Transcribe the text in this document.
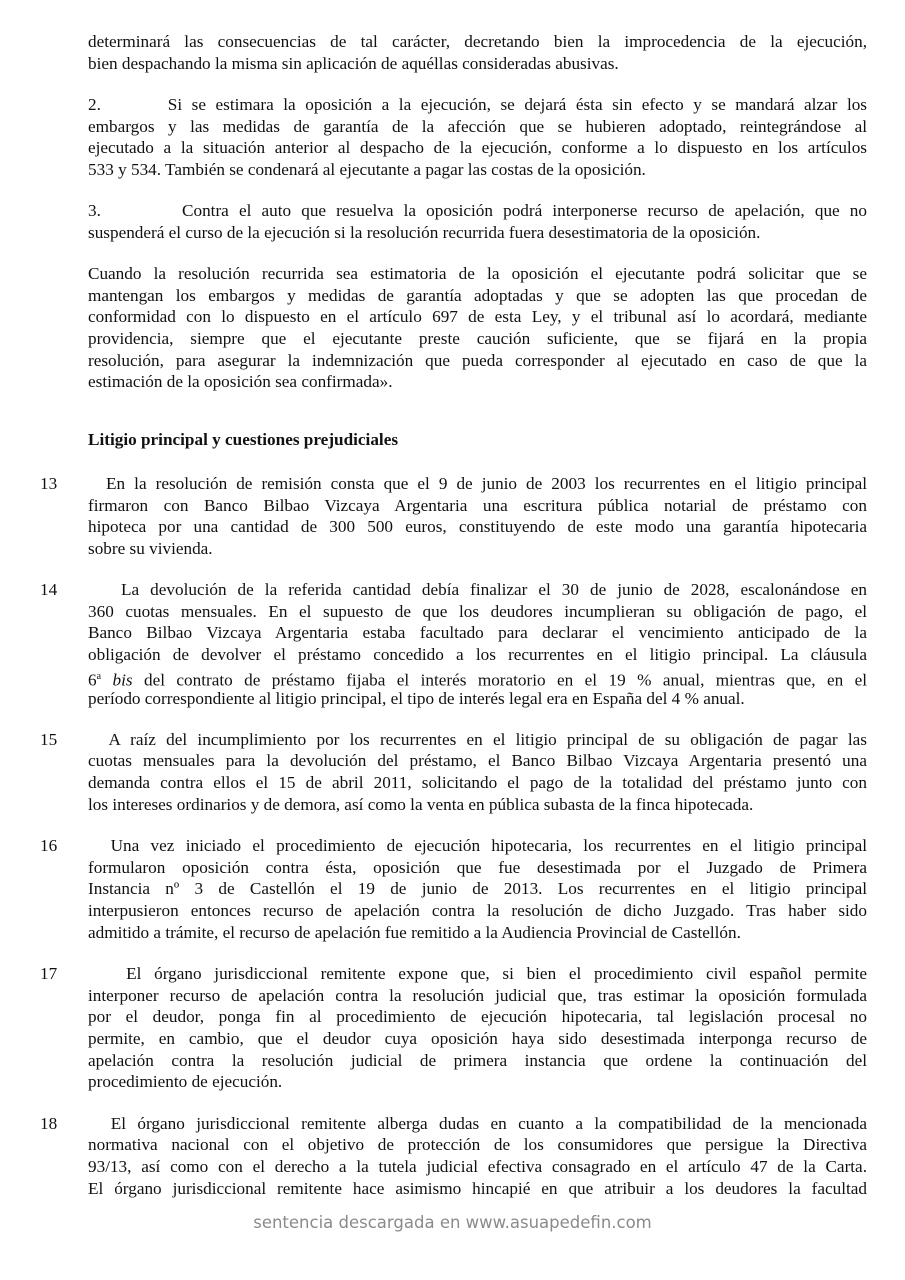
determinará las consecuencias de tal carácter, decretando bien la improcedencia de la ejecución,
bien despachando la misma sin aplicación de aquéllas consideradas abusivas.
2.       Si se estimara la oposición a la ejecución, se dejará ésta sin efecto y se mandará alzar los
embargos y las medidas de garantía de la afección que se hubieren adoptado, reintegrándose al
ejecutado a la situación anterior al despacho de la ejecución, conforme a lo dispuesto en los artículos
533 y 534. También se condenará al ejecutante a pagar las costas de la oposición.
3.        Contra el auto que resuelva la oposición podrá interponerse recurso de apelación, que no
suspenderá el curso de la ejecución si la resolución recurrida fuera desestimatoria de la oposición.
Cuando la resolución recurrida sea estimatoria de la oposición el ejecutante podrá solicitar que se
mantengan los embargos y medidas de garantía adoptadas y que se adopten las que procedan de
conformidad con lo dispuesto en el artículo 697 de esta Ley, y el tribunal así lo acordará, mediante
providencia, siempre que el ejecutante preste caución suficiente, que se fijará en la propia
resolución, para asegurar la indemnización que pueda corresponder al ejecutado en caso de que la
estimación de la oposición sea confirmada».
Litigio principal y cuestiones prejudiciales
13 En la resolución de remisión consta que el 9 de junio de 2003 los recurrentes en el litigio principal
firmaron con Banco Bilbao Vizcaya Argentaria una escritura pública notarial de préstamo con
hipoteca por una cantidad de 300 500 euros, constituyendo de este modo una garantía hipotecaria
sobre su vivienda.
14 La devolución de la referida cantidad debía finalizar el 30 de junio de 2028, escalonándose en
360 cuotas mensuales. En el supuesto de que los deudores incumplieran su obligación de pago, el
Banco Bilbao Vizcaya Argentaria estaba facultado para declarar el vencimiento anticipado de la
obligación de devolver el préstamo concedido a los recurrentes en el litigio principal. La cláusula
6$^a$ bis del contrato de préstamo fijaba el interés moratorio en el 19 % anual, mientras que, en el
período correspondiente al litigio principal, el tipo de interés legal era en España del 4 % anual.
15 A raíz del incumplimiento por los recurrentes en el litigio principal de su obligación de pagar las
cuotas mensuales para la devolución del préstamo, el Banco Bilbao Vizcaya Argentaria presentó una
demanda contra ellos el 15 de abril 2011, solicitando el pago de la totalidad del préstamo junto con
los intereses ordinarios y de demora, así como la venta en pública subasta de la finca hipotecada.
16 Una vez iniciado el procedimiento de ejecución hipotecaria, los recurrentes en el litigio principal
formularon oposición contra ésta, oposición que fue desestimada por el Juzgado de Primera
Instancia nº 3 de Castellón el 19 de junio de 2013. Los recurrentes en el litigio principal
interpusieron entonces recurso de apelación contra la resolución de dicho Juzgado. Tras haber sido
admitido a trámite, el recurso de apelación fue remitido a la Audiencia Provincial de Castellón.
17 El órgano jurisdiccional remitente expone que, si bien el procedimiento civil español permite
interponer recurso de apelación contra la resolución judicial que, tras estimar la oposición formulada
por el deudor, ponga fin al procedimiento de ejecución hipotecaria, tal legislación procesal no
permite, en cambio, que el deudor cuya oposición haya sido desestimada interponga recurso de
apelación contra la resolución judicial de primera instancia que ordene la continuación del
procedimiento de ejecución.
18 El órgano jurisdiccional remitente alberga dudas en cuanto a la compatibilidad de la mencionada
normativa nacional con el objetivo de protección de los consumidores que persigue la Directiva
93/13, así como con el derecho a la tutela judicial efectiva consagrado en el artículo 47 de la Carta.
El órgano jurisdiccional remitente hace asimismo hincapié en que atribuir a los deudores la facultad
sentencia descargada en www.asuapedefin.com
